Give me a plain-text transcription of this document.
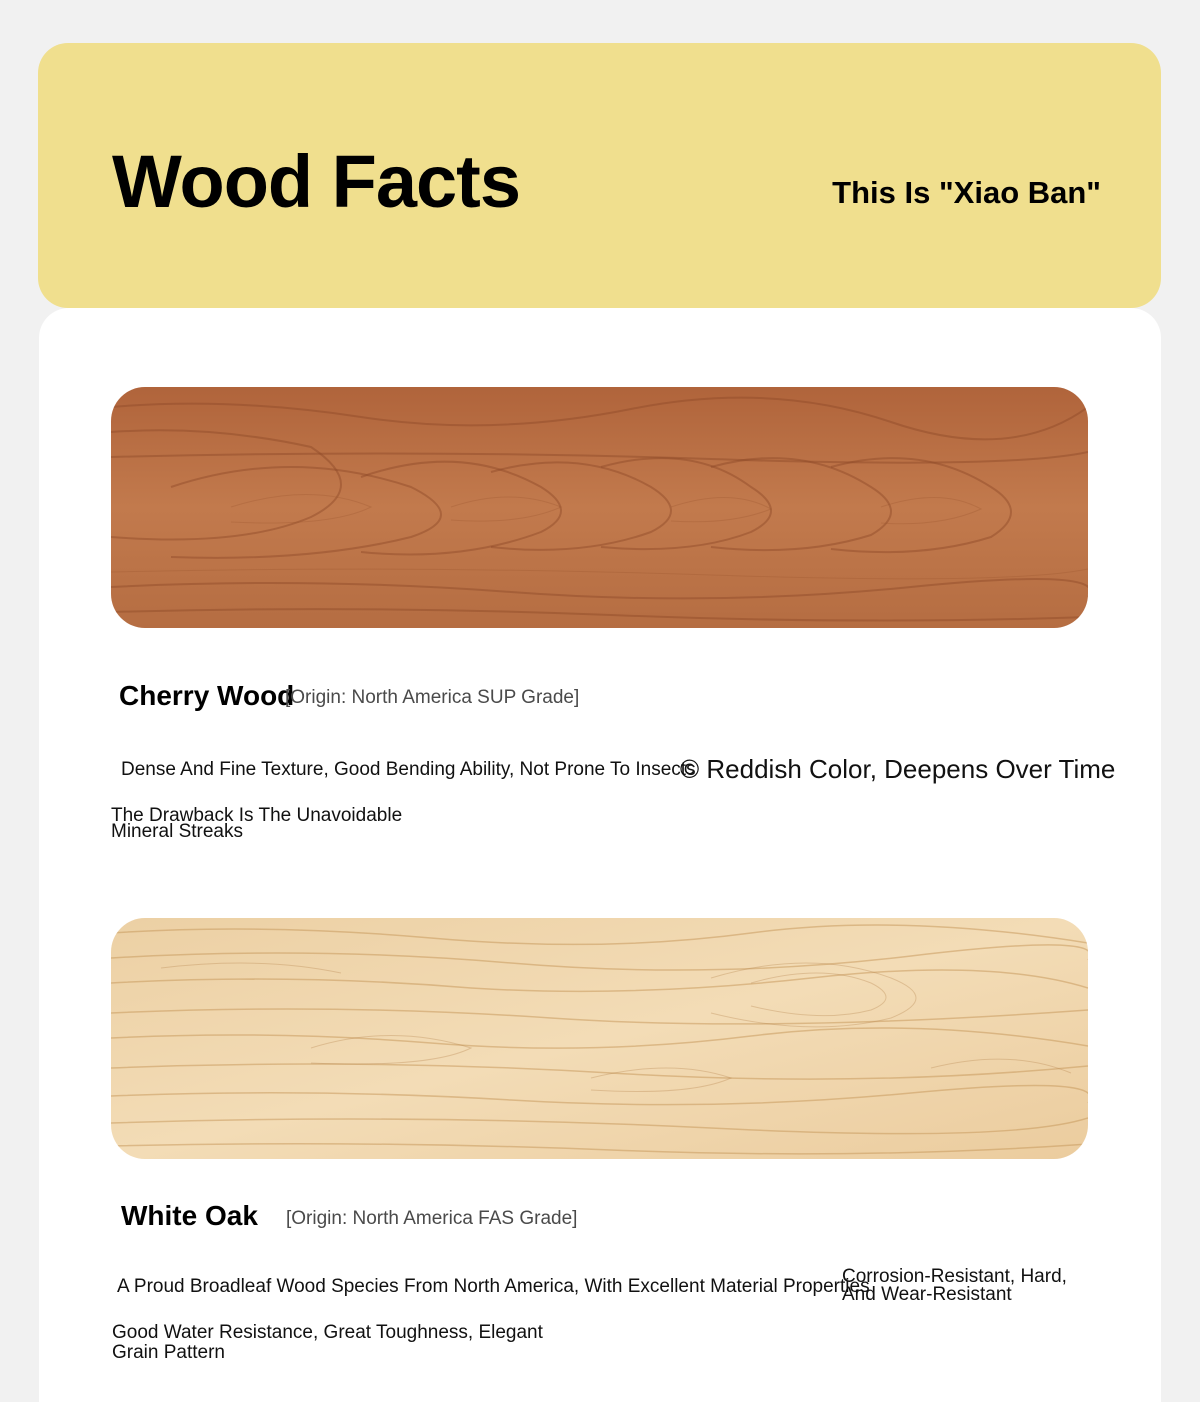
Wood Facts	This Is "Xiao Ban"
Cherry Wood
[Origin: North America SUP Grade]
Dense And Fine Texture, Good Bending Ability, Not Prone To Insects
© Reddish Color, Deepens Over Time
The Drawback Is The Unavoidable
Mineral Streaks
White Oak [Origin: North America FAS Grade]
A Proud Broadleaf Wood Species From North America, With Excellent Material Properties
Corrosion-Resistant, Hard,
And Wear-Resistant
Good Water Resistance, Great Toughness, Elegant
Grain Pattern
